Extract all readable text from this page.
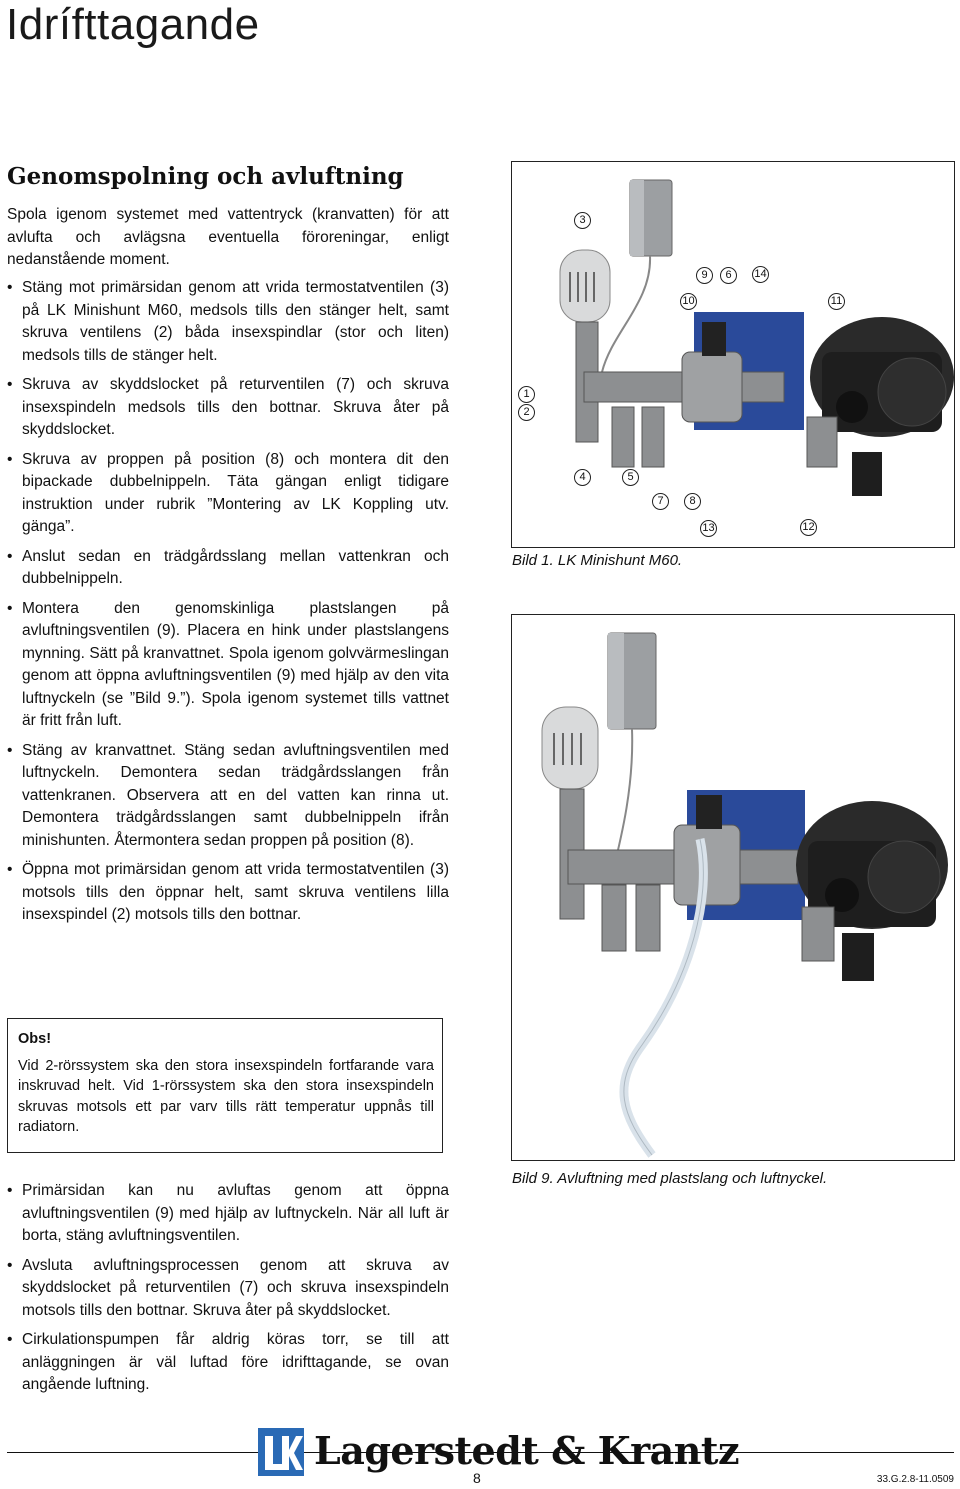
Idrífttagande
Genomspolning och avluftning

Spola igenom systemet med vattentryck (kranvatten) för att avlufta och avlägsna eventuella föroreningar, enligt nedanstående moment.

• Stäng mot primärsidan genom att vrida termostatventilen (3) på LK Minishunt M60, medsols tills den stänger helt, samt skruva ventilens (2) båda insexspindlar (stor och liten) medsols tills de stänger helt.
• Skruva av skyddslocket på returventilen (7) och skruva insexspindeln medsols tills den bottnar. Skruva åter på skyddslocket.
• Skruva av proppen på position (8) och montera dit den bipackade dubbelnippeln. Täta gängan enligt tidigare instruktion under rubrik ”Montering av LK Koppling utv. gänga”.
• Anslut sedan en trädgårdsslang mellan vattenkran och dubbelnippeln.
• Montera den genomskinliga plastslangen på avluftningsventilen (9). Placera en hink under plastslangens mynning. Sätt på kranvattnet. Spola igenom golvvärmeslingan genom att öppna avluftningsventilen (9) med hjälp av den vita luftnyckeln (se ”Bild 9.”). Spola igenom systemet tills vattnet är fritt från luft.
• Stäng av kranvattnet. Stäng sedan avluftningsventilen med luftnyckeln. Demontera sedan trädgårdsslangen från vattenkranen. Observera att en del vatten kan rinna ut. Demontera trädgårdsslangen samt dubbelnippeln ifrån minishunten. Återmontera sedan proppen på position (8).
• Öppna mot primärsidan genom att vrida termostatventilen (3) motsols tills den öppnar helt, samt skruva ventilens lilla insexspindel (2) motsols tills den bottnar.
Obs!
Vid 2-rörssystem ska den stora insexspindeln fortfarande vara inskruvad helt. Vid 1-rörssystem ska den stora insexspindeln skruvas motsols ett par varv tills rätt temperatur uppnås till radiatorn.
• Primärsidan kan nu avluftas genom att öppna avluftningsventilen (9) med hjälp av luftnyckeln. När all luft är borta, stäng avluftningsventilen.
• Avsluta avluftningsprocessen genom att skruva av skyddslocket på returventilen (7) och skruva insexspindeln motsols tills den bottnar. Skruva åter på skyddslocket.
• Cirkulationspumpen får aldrig köras torr, se till att anläggningen är väl luftad före idrifttagande, se ovan angående luftning.
3
9	6	14
10	11
1
2
4	5
7	8
13	12
Bild 1. LK Minishunt M60.
Bild 9. Avluftning med plastslang och luftnyckel.
Lagerstedt & Krantz
8	33.G.2.8-11.0509
